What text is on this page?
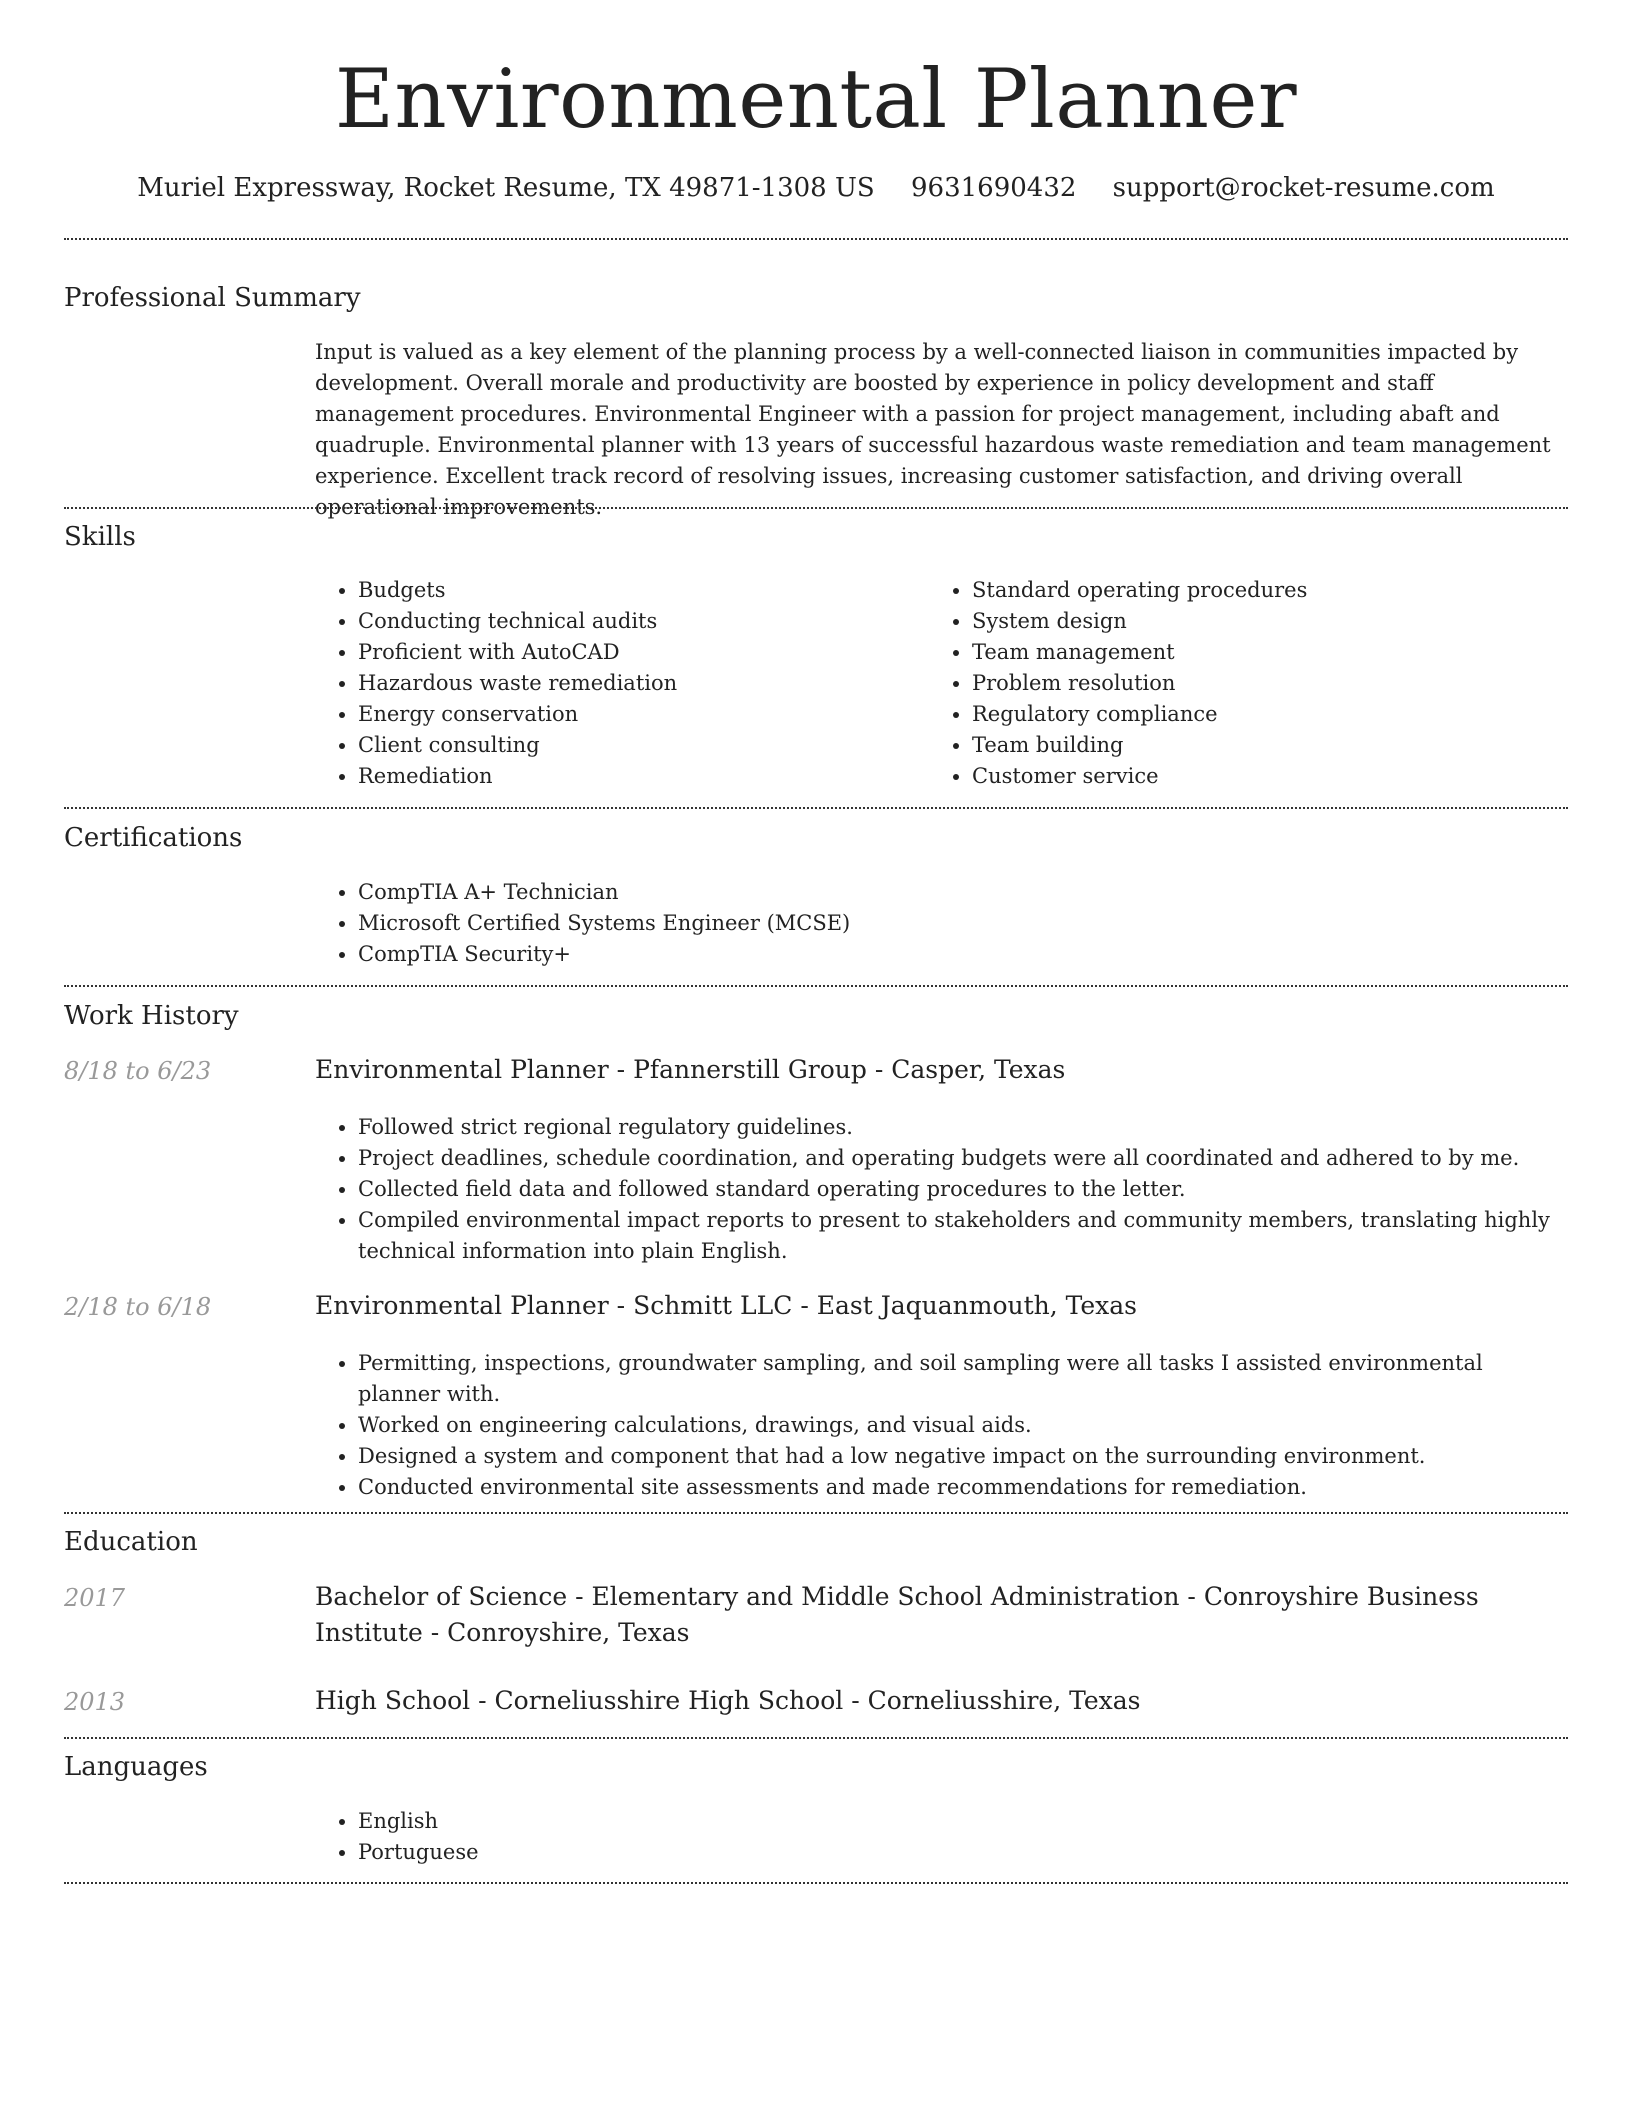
Environmental Planner
Muriel Expressway, Rocket Resume, TX 49871-1308 US 9631690432 support@rocket-resume.com
Professional Summary

Input is valued as a key element of the planning process by a well-connected liaison in communities impacted by development. Overall morale and productivity are boosted by experience in policy development and staff management procedures. Environmental Engineer with a passion for project management, including abaft and quadruple. Environmental planner with 13 years of successful hazardous waste remediation and team management experience. Excellent track record of resolving issues, increasing customer satisfaction, and driving overall operational improvements.

Skills
• Budgets
• Conducting technical audits
• Proficient with AutoCAD
• Hazardous waste remediation
• Energy conservation
• Client consulting
• Remediation
• Standard operating procedures
• System design
• Team management
• Problem resolution
• Regulatory compliance
• Team building
• Customer service
Certifications
• CompTIA A+ Technician
• Microsoft Certified Systems Engineer (MCSE)
• CompTIA Security+
Work History
8/18 to 6/23	Environmental Planner - Pfannerstill Group - Casper, Texas
• Followed strict regional regulatory guidelines.
• Project deadlines, schedule coordination, and operating budgets were all coordinated and adhered to by me.
• Collected field data and followed standard operating procedures to the letter.
• Compiled environmental impact reports to present to stakeholders and community members, translating highly technical information into plain English.
2/18 to 6/18	Environmental Planner - Schmitt LLC - East Jaquanmouth, Texas
• Permitting, inspections, groundwater sampling, and soil sampling were all tasks I assisted environmental planner with.
• Worked on engineering calculations, drawings, and visual aids.
• Designed a system and component that had a low negative impact on the surrounding environment.
• Conducted environmental site assessments and made recommendations for remediation.
Education
2017	Bachelor of Science - Elementary and Middle School Administration - Conroyshire Business Institute - Conroyshire, Texas
2013	High School - Corneliusshire High School - Corneliusshire, Texas
Languages
• English
• Portuguese
